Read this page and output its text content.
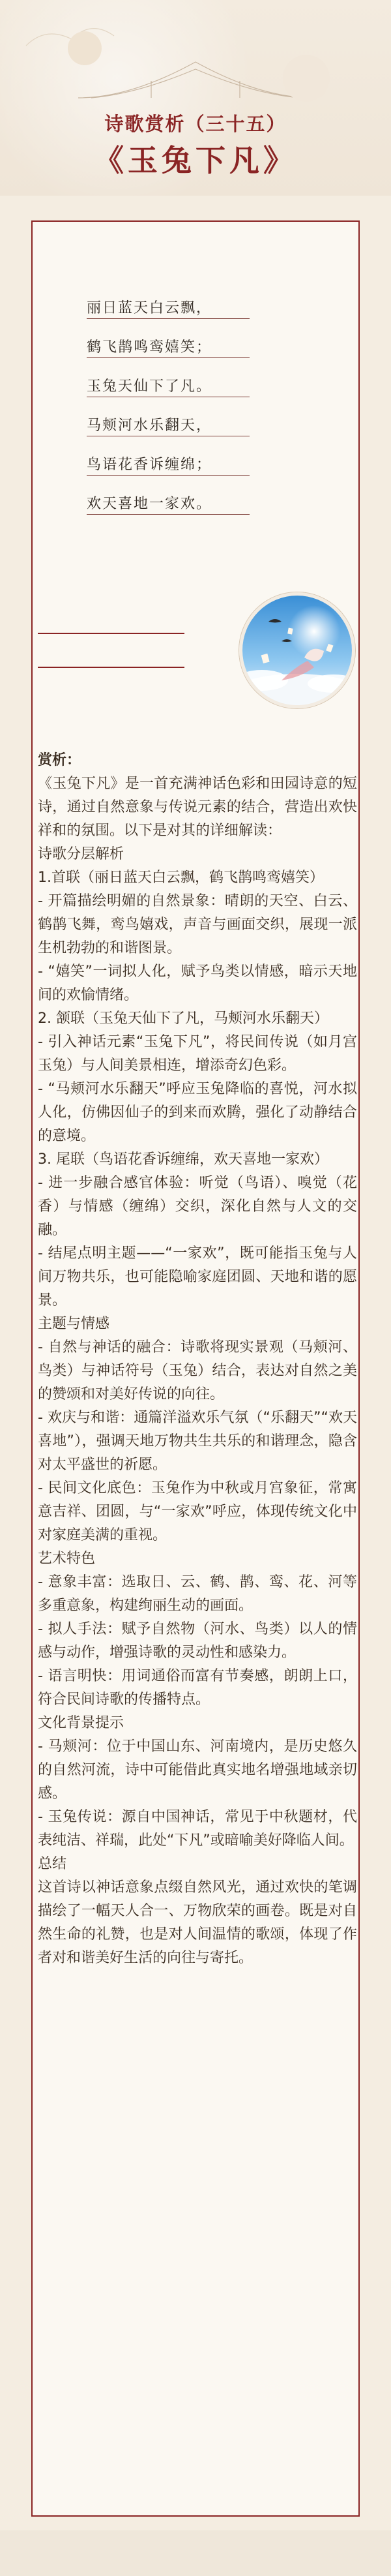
诗歌赏析（三十五）
《玉兔下凡》
丽日蓝天白云飘，
鹤飞鹊鸣鸾嬉笑；
玉兔天仙下了凡。
马颊河水乐翻天，
鸟语花香诉缠绵；
欢天喜地一家欢。

赏析：

《玉兔下凡》是一首充满神话色彩和田园诗意的短诗，通过自然意象与传说元素的结合，营造出欢快祥和的氛围。以下是对其的详细解读：

诗歌分层解析

1.首联（丽日蓝天白云飘，鹤飞鹊鸣鸾嬉笑）

- 开篇描绘明媚的自然景象：晴朗的天空、白云、鹤鹊飞舞，鸾鸟嬉戏，声音与画面交织，展现一派生机勃勃的和谐图景。

- “嬉笑”一词拟人化，赋予鸟类以情感，暗示天地间的欢愉情绪。

2. 颔联（玉兔天仙下了凡，马颊河水乐翻天）

- 引入神话元素“玉兔下凡”，将民间传说（如月宫玉兔）与人间美景相连，增添奇幻色彩。

- “马颊河水乐翻天”呼应玉兔降临的喜悦，河水拟人化，仿佛因仙子的到来而欢腾，强化了动静结合的意境。

3. 尾联（鸟语花香诉缠绵，欢天喜地一家欢）

- 进一步融合感官体验：听觉（鸟语）、嗅觉（花香）与情感（缠绵）交织，深化自然与人文的交融。

- 结尾点明主题——“一家欢”，既可能指玉兔与人间万物共乐，也可能隐喻家庭团圆、天地和谐的愿景。

主题与情感

- 自然与神话的融合：诗歌将现实景观（马颊河、鸟类）与神话符号（玉兔）结合，表达对自然之美的赞颂和对美好传说的向往。

- 欢庆与和谐：通篇洋溢欢乐气氛（“乐翻天”“欢天喜地”），强调天地万物共生共乐的和谐理念，隐含对太平盛世的祈愿。

- 民间文化底色：玉兔作为中秋或月宫象征，常寓意吉祥、团圆，与“一家欢”呼应，体现传统文化中对家庭美满的重视。

艺术特色

- 意象丰富：选取日、云、鹤、鹊、鸾、花、河等多重意象，构建绚丽生动的画面。

- 拟人手法：赋予自然物（河水、鸟类）以人的情感与动作，增强诗歌的灵动性和感染力。

- 语言明快：用词通俗而富有节奏感，朗朗上口，符合民间诗歌的传播特点。

文化背景提示

- 马颊河：位于中国山东、河南境内，是历史悠久的自然河流，诗中可能借此真实地名增强地域亲切感。

- 玉兔传说：源自中国神话，常见于中秋题材，代表纯洁、祥瑞，此处“下凡”或暗喻美好降临人间。

总结

这首诗以神话意象点缀自然风光，通过欢快的笔调描绘了一幅天人合一、万物欣荣的画卷。既是对自然生命的礼赞，也是对人间温情的歌颂，体现了作者对和谐美好生活的向往与寄托。
